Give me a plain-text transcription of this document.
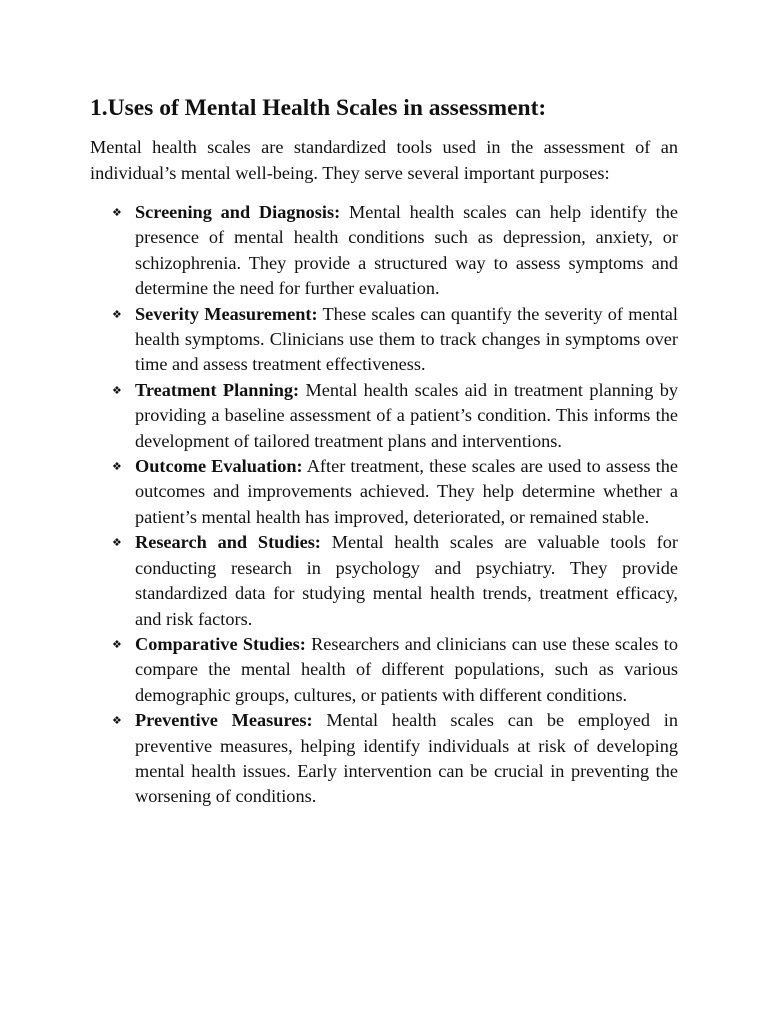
1.Uses of Mental Health Scales in assessment:

Mental health scales are standardized tools used in the assessment of an individual’s mental well-being. They serve several important purposes:

❖ Screening and Diagnosis: Mental health scales can help identify the presence of mental health conditions such as depression, anxiety, or schizophrenia. They provide a structured way to assess symptoms and determine the need for further evaluation.
❖ Severity Measurement: These scales can quantify the severity of mental health symptoms. Clinicians use them to track changes in symptoms over time and assess treatment effectiveness.
❖ Treatment Planning: Mental health scales aid in treatment planning by providing a baseline assessment of a patient’s condition. This informs the development of tailored treatment plans and interventions.
❖ Outcome Evaluation: After treatment, these scales are used to assess the outcomes and improvements achieved. They help determine whether a patient’s mental health has improved, deteriorated, or remained stable.
❖ Research and Studies: Mental health scales are valuable tools for conducting research in psychology and psychiatry. They provide standardized data for studying mental health trends, treatment efficacy, and risk factors.
❖ Comparative Studies: Researchers and clinicians can use these scales to compare the mental health of different populations, such as various demographic groups, cultures, or patients with different conditions.
❖ Preventive Measures: Mental health scales can be employed in preventive measures, helping identify individuals at risk of developing mental health issues. Early intervention can be crucial in preventing the worsening of conditions.
